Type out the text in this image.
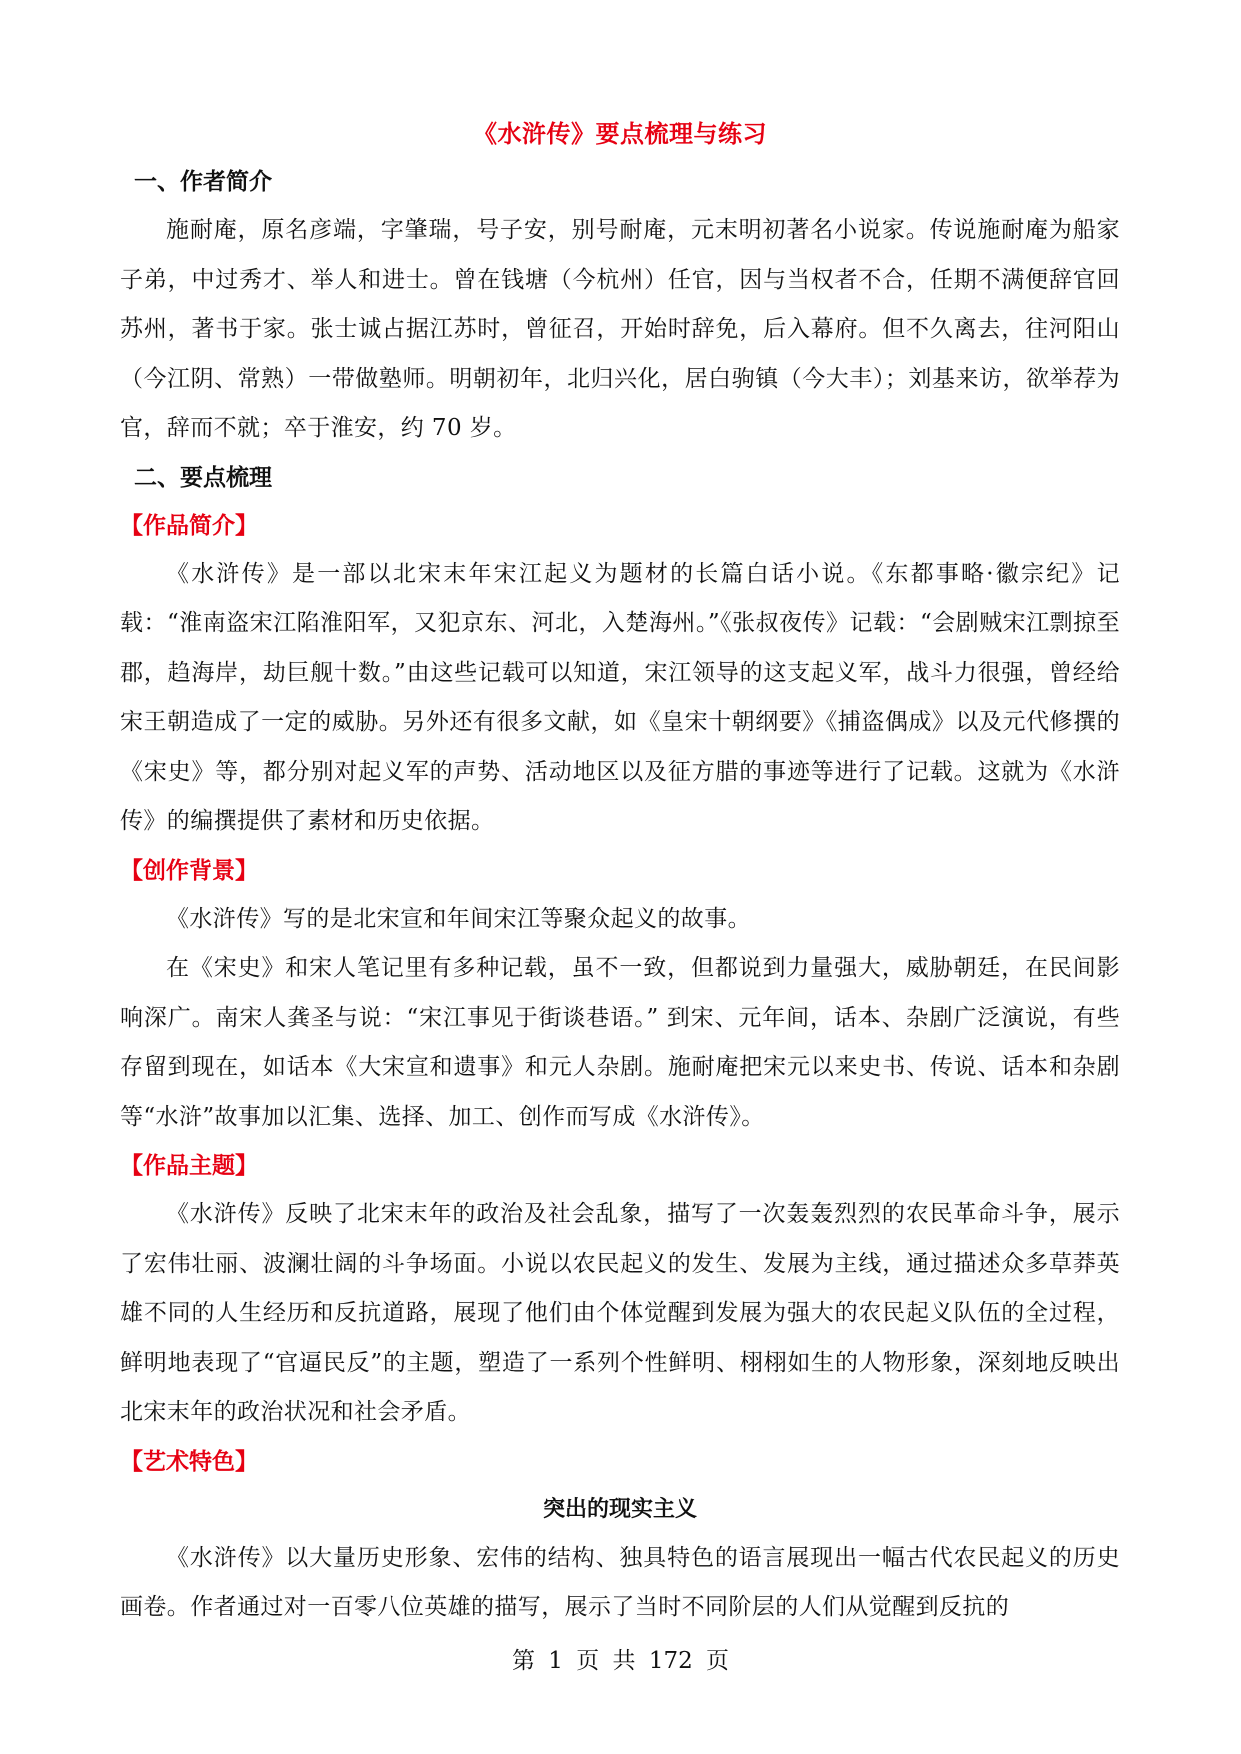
《水浒传》要点梳理与练习

一、作者简介

施耐庵，原名彦端，字肇瑞，号子安，别号耐庵，元末明初著名小说家。传说施耐庵为船家子弟，中过秀才、举人和进士。曾在钱塘（今杭州）任官，因与当权者不合，任期不满便辞官回苏州，著书于家。张士诚占据江苏时，曾征召，开始时辞免，后入幕府。但不久离去，往河阳山（今江阴、常熟）一带做塾师。明朝初年，北归兴化，居白驹镇（今大丰）；刘基来访，欲举荐为官，辞而不就；卒于淮安，约 70 岁。

二、要点梳理

【作品简介】

《水浒传》是一部以北宋末年宋江起义为题材的长篇白话小说。《东都事略·徽宗纪》记载：“淮南盗宋江陷淮阳军，又犯京东、河北，入楚海州。”《张叔夜传》记载：“会剧贼宋江剽掠至郡，趋海岸，劫巨舰十数。”由这些记载可以知道，宋江领导的这支起义军，战斗力很强，曾经给宋王朝造成了一定的威胁。另外还有很多文献，如《皇宋十朝纲要》《捕盗偶成》以及元代修撰的《宋史》等，都分别对起义军的声势、活动地区以及征方腊的事迹等进行了记载。这就为《水浒传》的编撰提供了素材和历史依据。

【创作背景】

《水浒传》写的是北宋宣和年间宋江等聚众起义的故事。

在《宋史》和宋人笔记里有多种记载，虽不一致，但都说到力量强大，威胁朝廷，在民间影响深广。南宋人龚圣与说：“宋江事见于街谈巷语。” 到宋、元年间，话本、杂剧广泛演说，有些存留到现在，如话本《大宋宣和遗事》和元人杂剧。施耐庵把宋元以来史书、传说、话本和杂剧等“水浒”故事加以汇集、选择、加工、创作而写成《水浒传》。

【作品主题】

《水浒传》反映了北宋末年的政治及社会乱象，描写了一次轰轰烈烈的农民革命斗争，展示了宏伟壮丽、波澜壮阔的斗争场面。小说以农民起义的发生、发展为主线，通过描述众多草莽英雄不同的人生经历和反抗道路，展现了他们由个体觉醒到发展为强大的农民起义队伍的全过程，鲜明地表现了“官逼民反”的主题，塑造了一系列个性鲜明、栩栩如生的人物形象，深刻地反映出北宋末年的政治状况和社会矛盾。

【艺术特色】

突出的现实主义

《水浒传》以大量历史形象、宏伟的结构、独具特色的语言展现出一幅古代农民起义的历史画卷。作者通过对一百零八位英雄的描写，展示了当时不同阶层的人们从觉醒到反抗的

第 1 页 共 172 页
